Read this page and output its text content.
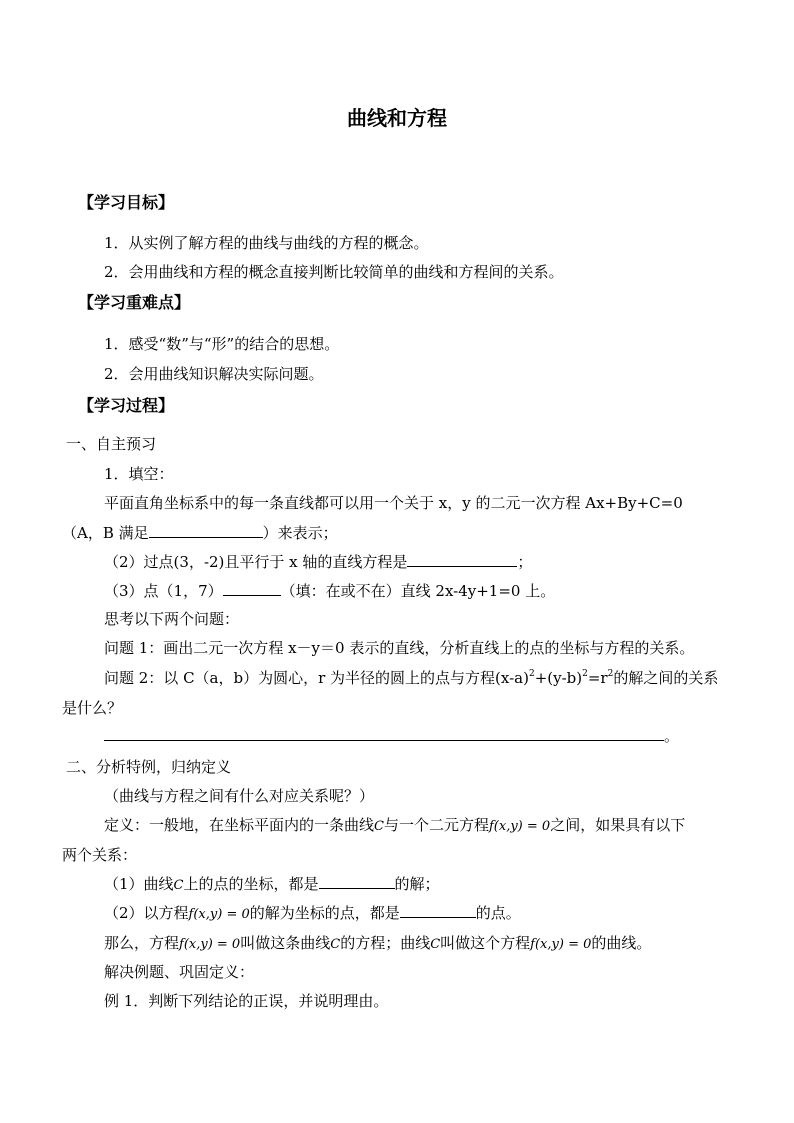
曲线和方程
【学习目标】
1．从实例了解方程的曲线与曲线的方程的概念。
2．会用曲线和方程的概念直接判断比较简单的曲线和方程间的关系。
【学习重难点】
1．感受“数”与“形”的结合的思想。
2．会用曲线知识解决实际问题。
【学习过程】
一、自主预习
1．填空：
平面直角坐标系中的每一条直线都可以用一个关于 x，y 的二元一次方程 Ax+By+C=0
（A，B 满足	）来表示；
（2）过点(3，-2)且平行于 x 轴的直线方程是	；
（3）点（1，7）	（填：在或不在）直线 2x-4y+1=0 上。
思考以下两个问题：
问题 1：画出二元一次方程 x－y＝0 表示的直线，分析直线上的点的坐标与方程的关系。
问题 2：以 C（a，b）为圆心，r 为半径的圆上的点与方程$(x-a)^2+(y-b)^2=r^2$的解之间的关系
是什么？
。
二、分析特例，归纳定义
（曲线与方程之间有什么对应关系呢？）
定义：一般地，在坐标平面内的一条曲线C与一个二元方程f(x,y) = 0之间，如果具有以下
两个关系：
（1）曲线C上的点的坐标，都是	的解；
（2）以方程f(x,y) = 0的解为坐标的点，都是	的点。
那么，方程f(x,y) = 0叫做这条曲线C的方程；曲线C叫做这个方程f(x,y) = 0的曲线。
解决例题、巩固定义：
例 1．判断下列结论的正误，并说明理由。
